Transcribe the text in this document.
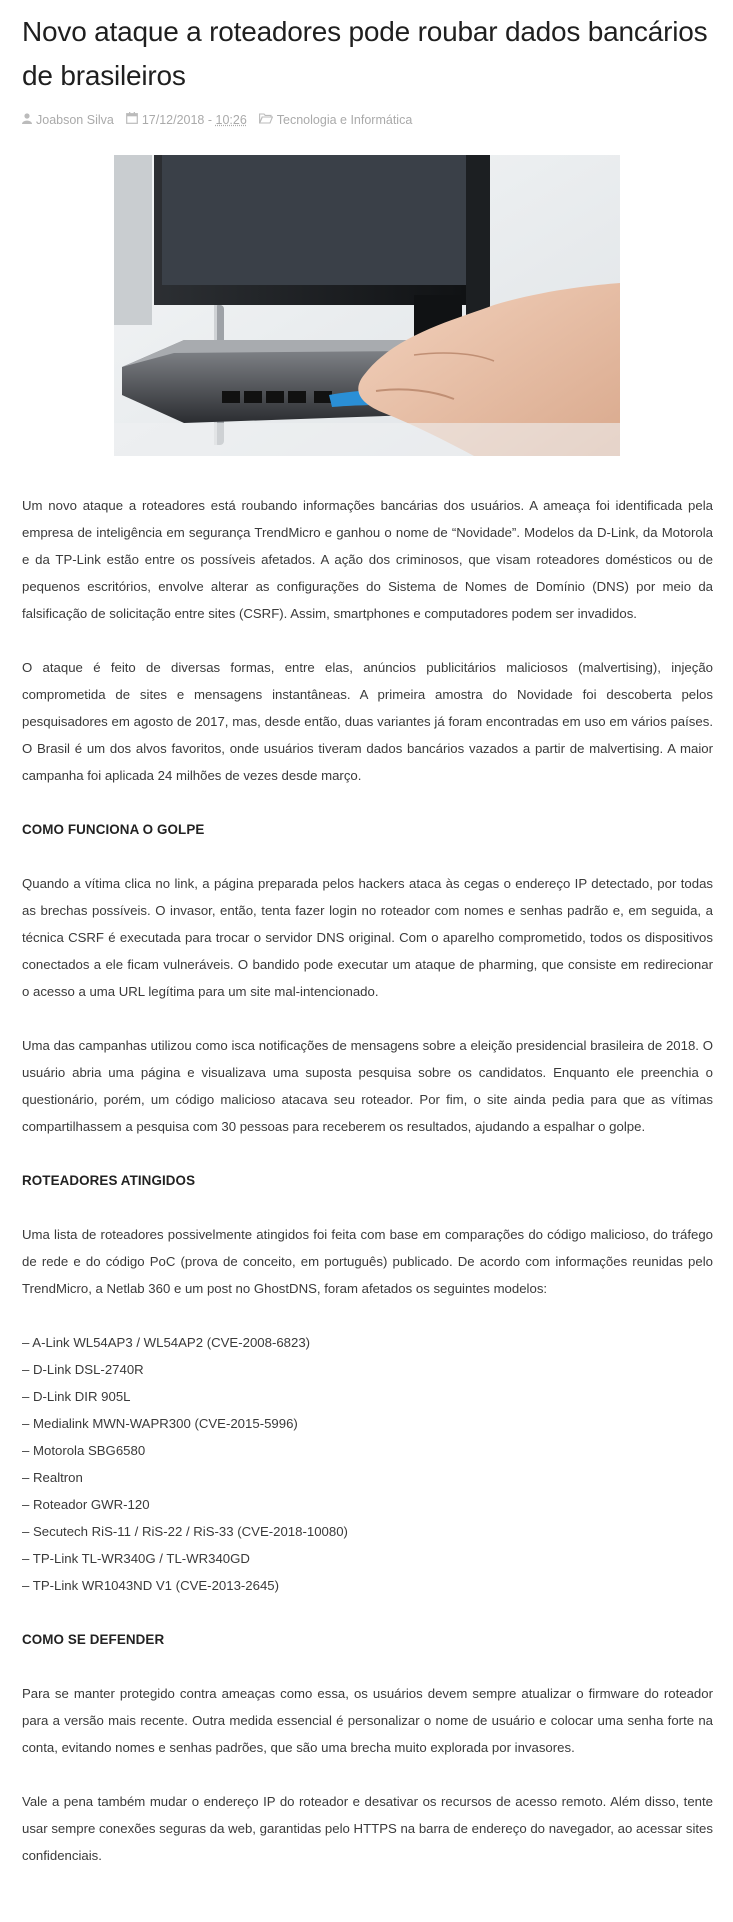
Novo ataque a roteadores pode roubar dados bancários de brasileiros
Joabson Silva 17/12/2018 - 10:26 Tecnologia e Informática

Um novo ataque a roteadores está roubando informações bancárias dos usuários. A ameaça foi identificada pela empresa de inteligência em segurança TrendMicro e ganhou o nome de “Novidade”. Modelos da D-Link, da Motorola e da TP-Link estão entre os possíveis afetados. A ação dos criminosos, que visam roteadores domésticos ou de pequenos escritórios, envolve alterar as configurações do Sistema de Nomes de Domínio (DNS) por meio da falsificação de solicitação entre sites (CSRF). Assim, smartphones e computadores podem ser invadidos.

O ataque é feito de diversas formas, entre elas, anúncios publicitários maliciosos (malvertising), injeção comprometida de sites e mensagens instantâneas. A primeira amostra do Novidade foi descoberta pelos pesquisadores em agosto de 2017, mas, desde então, duas variantes já foram encontradas em uso em vários países. O Brasil é um dos alvos favoritos, onde usuários tiveram dados bancários vazados a partir de malvertising. A maior campanha foi aplicada 24 milhões de vezes desde março.

COMO FUNCIONA O GOLPE

Quando a vítima clica no link, a página preparada pelos hackers ataca às cegas o endereço IP detectado, por todas as brechas possíveis. O invasor, então, tenta fazer login no roteador com nomes e senhas padrão e, em seguida, a técnica CSRF é executada para trocar o servidor DNS original. Com o aparelho comprometido, todos os dispositivos conectados a ele ficam vulneráveis. O bandido pode executar um ataque de pharming, que consiste em redirecionar o acesso a uma URL legítima para um site mal-intencionado.

Uma das campanhas utilizou como isca notificações de mensagens sobre a eleição presidencial brasileira de 2018. O usuário abria uma página e visualizava uma suposta pesquisa sobre os candidatos. Enquanto ele preenchia o questionário, porém, um código malicioso atacava seu roteador. Por fim, o site ainda pedia para que as vítimas compartilhassem a pesquisa com 30 pessoas para receberem os resultados, ajudando a espalhar o golpe.

ROTEADORES ATINGIDOS

Uma lista de roteadores possivelmente atingidos foi feita com base em comparações do código malicioso, do tráfego de rede e do código PoC (prova de conceito, em português) publicado. De acordo com informações reunidas pelo TrendMicro, a Netlab 360 e um post no GhostDNS, foram afetados os seguintes modelos:

– A-Link WL54AP3 / WL54AP2 (CVE-2008-6823)
– D-Link DSL-2740R
– D-Link DIR 905L
– Medialink MWN-WAPR300 (CVE-2015-5996)
– Motorola SBG6580
– Realtron
– Roteador GWR-120
– Secutech RiS-11 / RiS-22 / RiS-33 (CVE-2018-10080)
– TP-Link TL-WR340G / TL-WR340GD
– TP-Link WR1043ND V1 (CVE-2013-2645)
COMO SE DEFENDER

Para se manter protegido contra ameaças como essa, os usuários devem sempre atualizar o firmware do roteador para a versão mais recente. Outra medida essencial é personalizar o nome de usuário e colocar uma senha forte na conta, evitando nomes e senhas padrões, que são uma brecha muito explorada por invasores.

Vale a pena também mudar o endereço IP do roteador e desativar os recursos de acesso remoto. Além disso, tente usar sempre conexões seguras da web, garantidas pelo HTTPS na barra de endereço do navegador, ao acessar sites confidenciais.
